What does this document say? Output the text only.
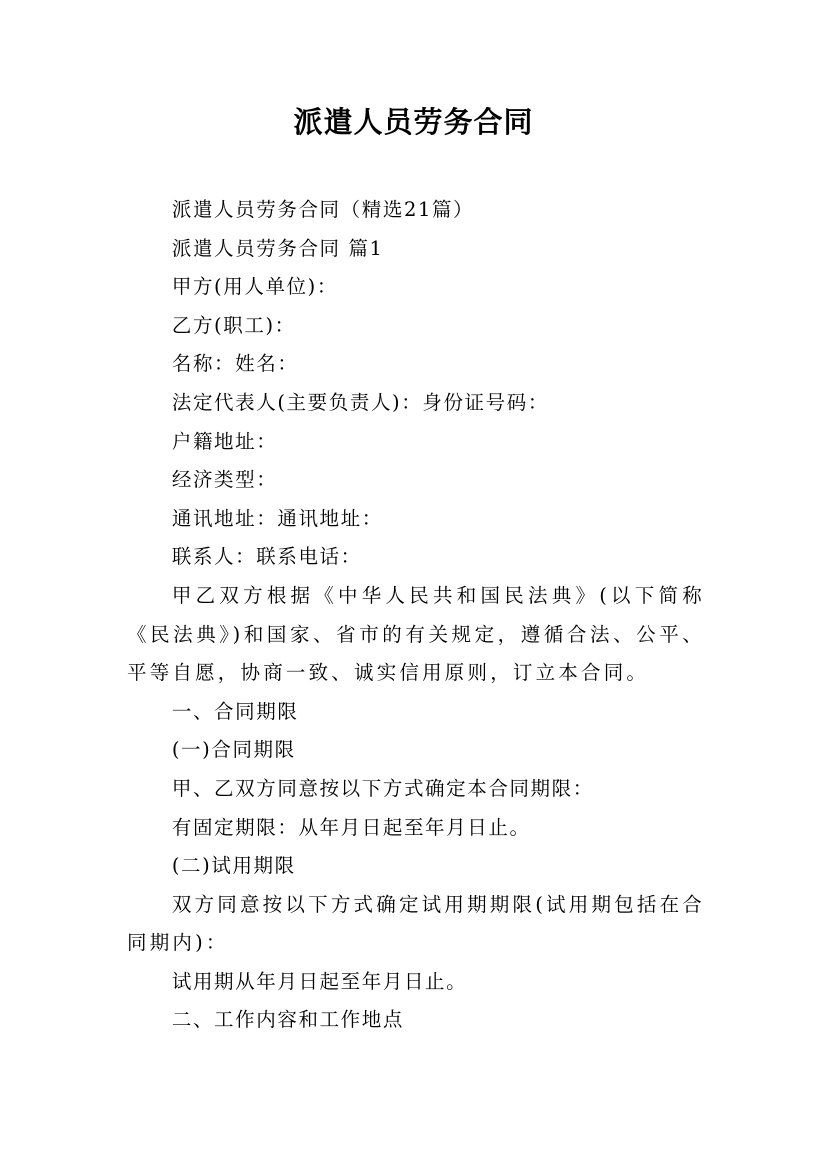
派遣人员劳务合同

派遣人员劳务合同（精选21篇）

派遣人员劳务合同 篇1

甲方(用人单位)：

乙方(职工)：

名称：姓名：

法定代表人(主要负责人)：身份证号码：

户籍地址：

经济类型：

通讯地址：通讯地址：

联系人：联系电话：

甲乙双方根据《中华人民共和国民法典》(以下简称《民法典》)和国家、省市的有关规定，遵循合法、公平、平等自愿，协商一致、诚实信用原则，订立本合同。

一、合同期限

(一)合同期限

甲、乙双方同意按以下方式确定本合同期限：

有固定期限：从年月日起至年月日止。

(二)试用期限

双方同意按以下方式确定试用期期限(试用期包括在合同期内)：

试用期从年月日起至年月日止。

二、工作内容和工作地点
